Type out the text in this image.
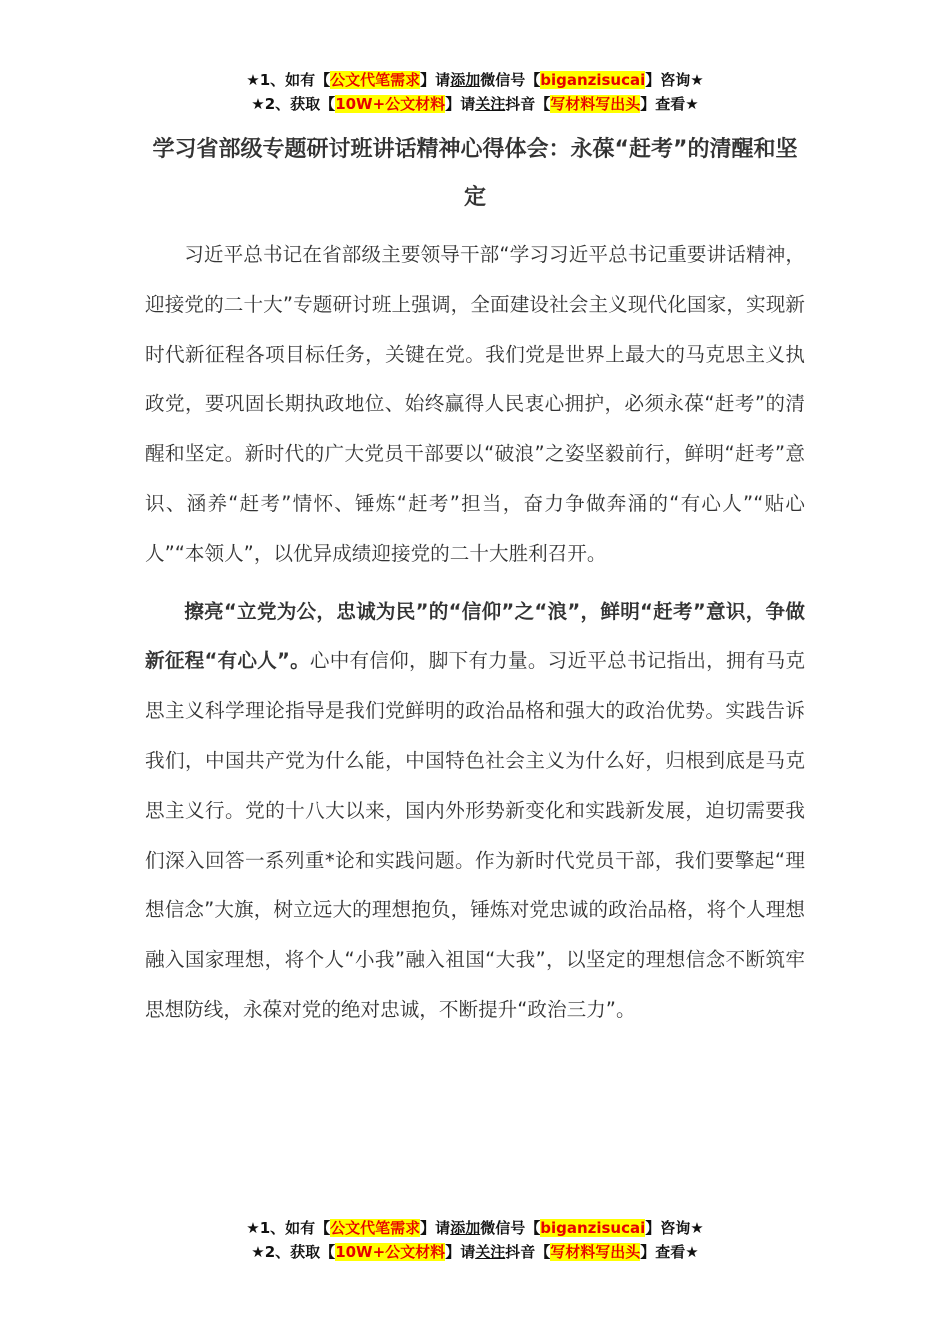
★1、如有【公文代笔需求】请添加微信号【biganzisucai】咨询★
★2、获取【10W+公文材料】请关注抖音【写材料写出头】查看★
学习省部级专题研讨班讲话精神心得体会：永葆“赶考”的清醒和坚定

习近平总书记在省部级主要领导干部“学习习近平总书记重要讲话精神，迎接党的二十大”专题研讨班上强调，全面建设社会主义现代化国家，实现新时代新征程各项目标任务，关键在党。我们党是世界上最大的马克思主义执政党，要巩固长期执政地位、始终赢得人民衷心拥护，必须永葆“赶考”的清醒和坚定。新时代的广大党员干部要以“破浪”之姿坚毅前行，鲜明“赶考”意识、涵养“赶考”情怀、锤炼“赶考”担当，奋力争做奔涌的“有心人”“贴心人”“本领人”，以优异成绩迎接党的二十大胜利召开。

擦亮“立党为公，忠诚为民”的“信仰”之“浪”，鲜明“赶考”意识，争做新征程“有心人”。心中有信仰，脚下有力量。习近平总书记指出，拥有马克思主义科学理论指导是我们党鲜明的政治品格和强大的政治优势。实践告诉我们，中国共产党为什么能，中国特色社会主义为什么好，归根到底是马克思主义行。党的十八大以来，国内外形势新变化和实践新发展，迫切需要我们深入回答一系列重*论和实践问题。作为新时代党员干部，我们要擎起“理想信念”大旗，树立远大的理想抱负，锤炼对党忠诚的政治品格，将个人理想融入国家理想，将个人“小我”融入祖国“大我”，以坚定的理想信念不断筑牢思想防线，永葆对党的绝对忠诚，不断提升“政治三力”。

★1、如有【公文代笔需求】请添加微信号【biganzisucai】咨询★
★2、获取【10W+公文材料】请关注抖音【写材料写出头】查看★
